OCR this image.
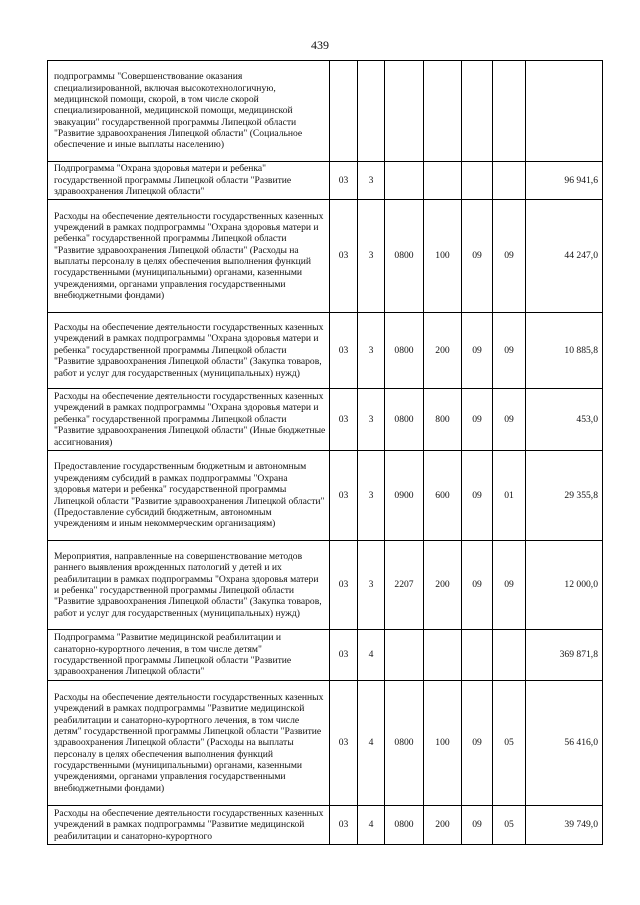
439
подпрограммы "Совершенствование оказания специализированной, включая высокотехнологичную, медицинской помощи, скорой, в том числе скорой специализированной, медицинской помощи, медицинской эвакуации" государственной программы Липецкой области "Развитие здравоохранения Липецкой области" (Социальное обеспечение и иные выплаты населению)							
Подпрограмма "Охрана здоровья матери и ребенка" государственной программы Липецкой области "Развитие здравоохранения Липецкой области"	03	3					96 941,6
Расходы на обеспечение деятельности государственных казенных учреждений в рамках подпрограммы "Охрана здоровья матери и ребенка" государственной программы Липецкой области "Развитие здравоохранения Липецкой области" (Расходы на выплаты персоналу в целях обеспечения выполнения функций государственными (муниципальными) органами, казенными учреждениями, органами управления государственными внебюджетными фондами)	03	3	0800	100	09	09	44 247,0
Расходы на обеспечение деятельности государственных казенных учреждений в рамках подпрограммы "Охрана здоровья матери и ребенка" государственной программы Липецкой области "Развитие здравоохранения Липецкой области" (Закупка товаров, работ и услуг для государственных (муниципальных) нужд)	03	3	0800	200	09	09	10 885,8
Расходы на обеспечение деятельности государственных казенных учреждений в рамках подпрограммы "Охрана здоровья матери и ребенка" государственной программы Липецкой области "Развитие здравоохранения Липецкой области" (Иные бюджетные ассигнования)	03	3	0800	800	09	09	453,0
Предоставление государственным бюджетным и автономным учреждениям субсидий в рамках подпрограммы "Охрана здоровья матери и ребенка" государственной программы Липецкой области "Развитие здравоохранения Липецкой области" (Предоставление субсидий бюджетным, автономным учреждениям и иным некоммерческим организациям)	03	3	0900	600	09	01	29 355,8
Мероприятия, направленные на совершенствование методов раннего выявления врожденных патологий у детей и их реабилитации в рамках подпрограммы "Охрана здоровья матери и ребенка" государственной программы Липецкой области "Развитие здравоохранения Липецкой области" (Закупка товаров, работ и услуг для государственных (муниципальных) нужд)	03	3	2207	200	09	09	12 000,0
Подпрограмма "Развитие медицинской реабилитации и санаторно-курортного лечения, в том числе детям" государственной программы Липецкой области "Развитие здравоохранения Липецкой области"	03	4					369 871,8
Расходы на обеспечение деятельности государственных казенных учреждений в рамках подпрограммы "Развитие медицинской реабилитации и санаторно-курортного лечения, в том числе детям" государственной программы Липецкой области "Развитие здравоохранения Липецкой области" (Расходы на выплаты персоналу в целях обеспечения выполнения функций государственными (муниципальными) органами, казенными учреждениями, органами управления государственными внебюджетными фондами)	03	4	0800	100	09	05	56 416,0
Расходы на обеспечение деятельности государственных казенных учреждений в рамках подпрограммы "Развитие медицинской реабилитации и санаторно-курортного	03	4	0800	200	09	05	39 749,0
